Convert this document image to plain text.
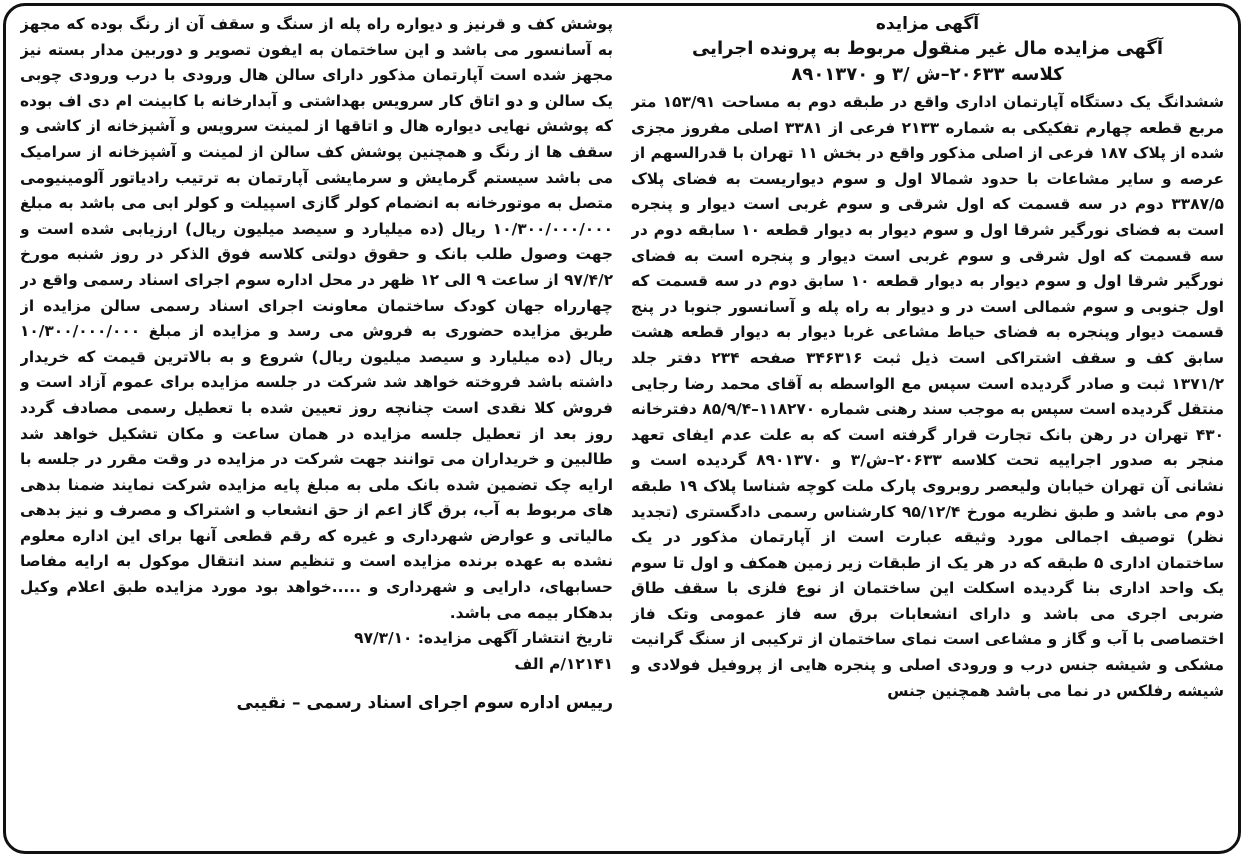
آگهی مزایده
آگهی مزایده مال غیر منقول مربوط به پرونده اجرایی
کلاسه ۲۰۶۳۳–ش /۳ و ۸۹۰۱۳۷۰

ششدانگ یک دستگاه آپارتمان اداری واقع در طبقه دوم به مساحت ۱۵۳/۹۱ متر مربع قطعه چهارم تفکیکی به شماره ۲۱۳۳ فرعی از ۳۳۸۱ اصلی مفروز مجزی شده از پلاک ۱۸۷ فرعی از اصلی مذکور واقع در بخش ۱۱ تهران با قدرالسهم از عرصه و سایر مشاعات با حدود شمالا اول و سوم دیواریست به فضای پلاک ۳۳۸۷/۵ دوم در سه قسمت که اول شرقی و سوم غربی است دیوار و پنجره است به فضای نورگیر شرقا اول و سوم دیوار به دیوار قطعه ۱۰ سابقه دوم در سه قسمت که اول شرقی و سوم غربی است دیوار و پنجره است به فضای نورگیر شرقا اول و سوم دیوار به دیوار قطعه ۱۰ سابق دوم در سه قسمت که اول جنوبی و سوم شمالی است در و دیوار به راه پله و آسانسور جنوبا در پنج قسمت دیوار وپنجره به فضای حیاط مشاعی غربا دیوار به دیوار قطعه هشت سابق کف و سقف اشتراکی است ذیل ثبت ۳۴۶۳۱۶ صفحه ۲۳۴ دفتر جلد ۱۳۷۱/۲ ثبت و صادر گردیده است سپس مع الواسطه به آقای محمد رضا رجایی منتقل گردیده است سپس به موجب سند رهنی شماره ۱۱۸۲۷۰–۸۵/۹/۴ دفترخانه ۴۳۰ تهران در رهن بانک تجارت قرار گرفته است که به علت عدم ایفای تعهد منجر به صدور اجراییه تحت کلاسه ۲۰۶۳۳–ش/۳ و ۸۹۰۱۳۷۰ گردیده است و نشانی آن تهران خیابان ولیعصر روبروی پارک ملت کوچه شناسا پلاک ۱۹ طبقه دوم می باشد و طبق نظریه مورخ ۹۵/۱۲/۴ کارشناس رسمی دادگستری (تجدید نظر) توصیف اجمالی مورد وثیقه عبارت است از آپارتمان مذکور در یک ساختمان اداری ۵ طبقه که در هر یک از طبقات زیر زمین همکف و اول تا سوم یک واحد اداری بنا گردیده اسکلت این ساختمان از نوع فلزی با سقف طاق ضربی اجری می باشد و دارای انشعابات برق سه فاز عمومی وتک فاز اختصاصی با آب و گاز و مشاعی است نمای ساختمان از ترکیبی از سنگ گرانیت مشکی و شیشه جنس درب و ورودی اصلی و پنجره هایی از پروفیل فولادی و شیشه رفلکس در نما می باشد همچنین جنس

پوشش کف و قرنیز و دیواره راه پله از سنگ و سقف آن از رنگ بوده که مجهز به آسانسور می باشد و این ساختمان به ایفون تصویر و دوربین مدار بسته نیز مجهز شده است آپارتمان مذکور دارای سالن هال ورودی با درب ورودی چوبی یک سالن و دو اتاق کار سرویس بهداشتی و آبدارخانه با کابینت ام دی اف بوده که پوشش نهایی دیواره هال و اتاقها از لمینت سرویس و آشپزخانه از کاشی و سقف ها از رنگ و همچنین پوشش کف سالن از لمینت و آشپزخانه از سرامیک می باشد سیستم گرمایش و سرمایشی آپارتمان به ترتیب رادیاتور آلومینیومی متصل به موتورخانه به انضمام کولر گازی اسپیلت و کولر ابی می باشد به مبلغ ۱۰/۳۰۰/۰۰۰/۰۰۰ ریال (ده میلیارد و سیصد میلیون ریال) ارزیابی شده است و جهت وصول طلب بانک و حقوق دولتی کلاسه فوق الذکر در روز شنبه مورخ ۹۷/۴/۲ از ساعت ۹ الی ۱۲ ظهر در محل اداره سوم اجرای اسناد رسمی واقع در چهارراه جهان کودک ساختمان معاونت اجرای اسناد رسمی سالن مزایده از طریق مزایده حضوری به فروش می رسد و مزایده از مبلغ ۱۰/۳۰۰/۰۰۰/۰۰۰ ریال (ده میلیارد و سیصد میلیون ریال) شروع و به بالاترین قیمت که خریدار داشته باشد فروخته خواهد شد شرکت در جلسه مزایده برای عموم آزاد است و فروش کلا نقدی است چنانچه روز تعیین شده با تعطیل رسمی مصادف گردد روز بعد از تعطیل جلسه مزایده در همان ساعت و مکان تشکیل خواهد شد طالبین و خریداران می توانند جهت شرکت در مزایده در وقت مقرر در جلسه با ارایه چک تضمین شده بانک ملی به مبلغ پایه مزایده شرکت نمایند ضمنا بدهی های مربوط به آب، برق گاز اعم از حق انشعاب و اشتراک و مصرف و نیز بدهی مالیاتی و عوارض شهرداری و غیره که رقم قطعی آنها برای این اداره معلوم نشده به عهده برنده مزایده است و تنظیم سند انتقال موکول به ارایه مفاصا حسابهای، دارایی و شهرداری و .....خواهد بود مورد مزایده طبق اعلام وکیل بدهکار بیمه می باشد.

تاریخ انتشار آگهی مزایده: ۹۷/۳/۱۰

۱۲۱۴۱/م الف

رییس اداره سوم اجرای اسناد رسمی – نقیبی
